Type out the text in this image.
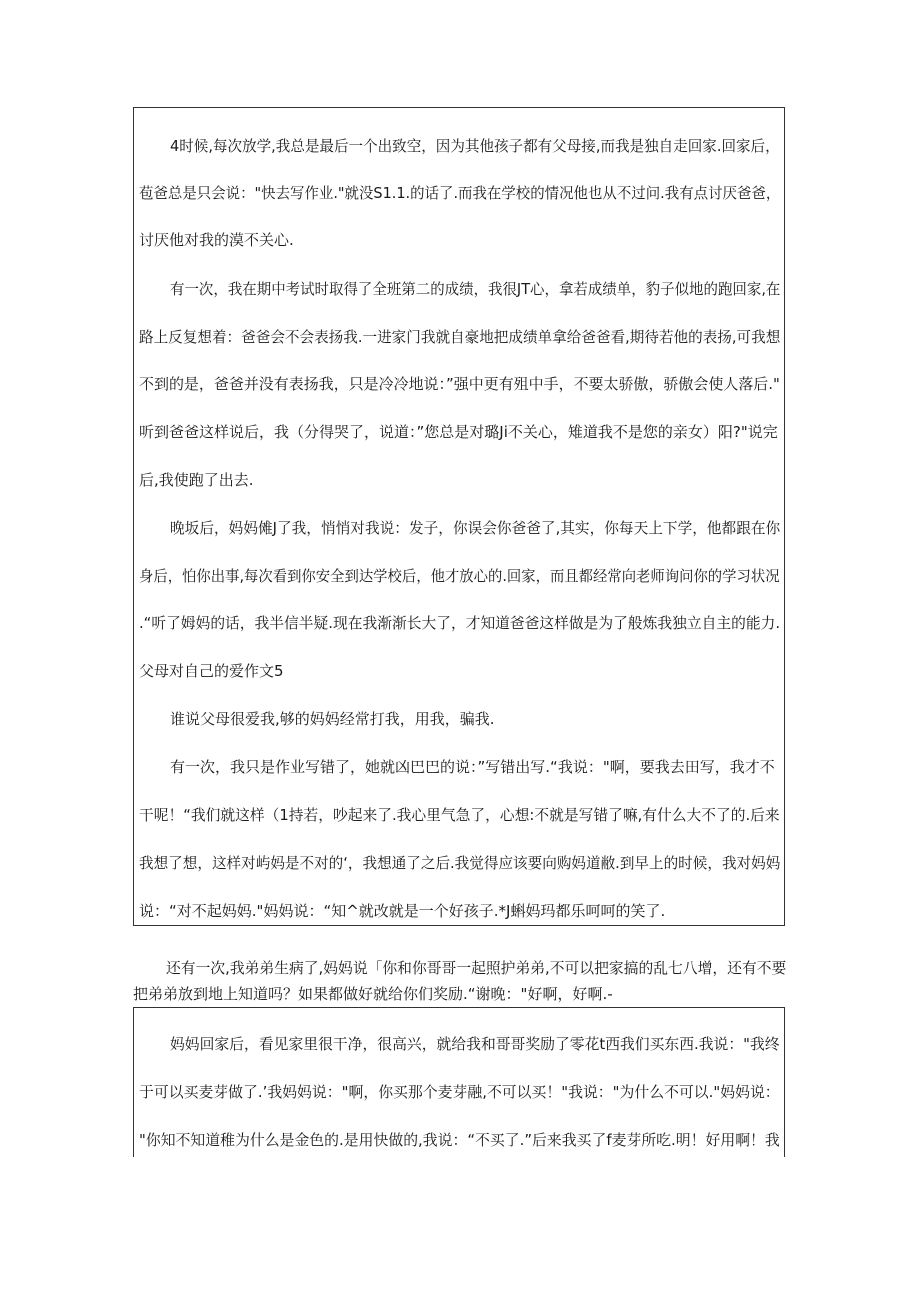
4时候,每次放学,我总是最后一个出致空，因为其他孩子都有父母接,而我是独自走回家.回家后，
苞爸总是只会说："快去写作业."就没S1.1.的话了.而我在学校的情况他也从不过问.我有点讨厌爸爸，
讨厌他对我的漠不关心.
有一次，我在期中考试时取得了全班第二的成绩，我很JT心，拿若成绩单，豹子似地的跑回家,在
路上反复想着：爸爸会不会表扬我.一进家门我就自豪地把成绩单拿给爸爸看,期待若他的表扬,可我想
不到的是，爸爸并没有表扬我，只是冷冷地说：”强中更有殂中手，不要太骄傲，骄傲会使人落后."
听到爸爸这样说后，我（分得哭了，说道：”您总是对璐Ji不关心，雉道我不是您的亲女）阳?"说完
后,我使跑了出去.
晚坂后，妈妈傩J了我，悄悄对我说：发子，你误会你爸爸了,其实，你每天上下学，他都跟在你
身后，怕你出事,每次看到你安全到达学校后，他才放心的.回家，而且都经常向老师询问你的学习状况
.“听了姆妈的话，我半信半疑.现在我渐渐长大了，才知道爸爸这样做是为了般炼我独立自主的能力.
父母对自己的爱作文5
谁说父母很爱我,够的妈妈经常打我，用我，骗我.
有一次，我只是作业写错了，她就凶巴巴的说：”写错出写.“我说："啊，要我去田写，我才不
干呢！“我们就这样（1持若，吵起来了.我心里气急了，心想:不就是写错了嘛,有什么大不了的.后来
我想了想，这样对屿妈是不对的‘，我想通了之后.我觉得应该要向购妈道敝.到早上的时候，我对妈妈
说：“对不起妈妈."妈妈说：“知^就改就是一个好孩子.*J蝌妈玛都乐呵呵的笑了.
还有一次,我弟弟生病了,妈妈说「你和你哥哥一起照护弟弟,不可以把家搞的乱七八增，还有不要
把弟弟放到地上知道吗？如果都做好就给你们奖励.“谢晚："好啊，好啊.-
妈妈回家后，看见家里很干净，很高兴，就给我和哥哥奖励了零花t西我们买东西.我说："我终
于可以买麦芽做了.’我妈妈说："啊，你买那个麦芽融,不可以买！"我说："为什么不可以."妈妈说：
"你知不知道稚为什么是金色的.是用快做的,我说：“不买了.”后来我买了f麦芽所吃.明！好用啊！我
